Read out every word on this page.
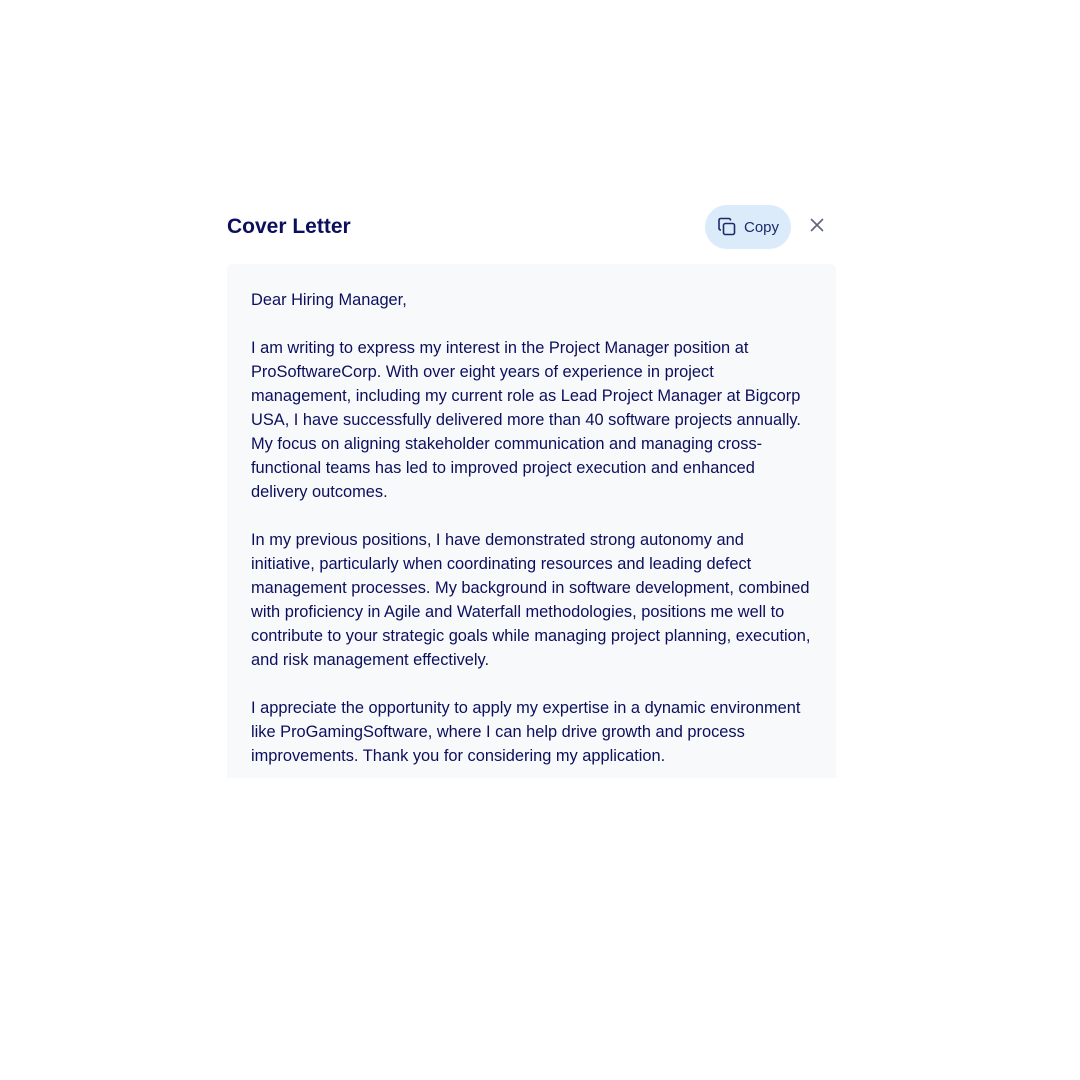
Cover Letter	Copy

Dear Hiring Manager,

I am writing to express my interest in the Project Manager position at ProSoftwareCorp. With over eight years of experience in project management, including my current role as Lead Project Manager at Bigcorp USA, I have successfully delivered more than 40 software projects annually. My focus on aligning stakeholder communication and managing cross-functional teams has led to improved project execution and enhanced delivery outcomes.

In my previous positions, I have demonstrated strong autonomy and initiative, particularly when coordinating resources and leading defect management processes. My background in software development, combined with proficiency in Agile and Waterfall methodologies, positions me well to contribute to your strategic goals while managing project planning, execution, and risk management effectively.

I appreciate the opportunity to apply my expertise in a dynamic environment like ProGamingSoftware, where I can help drive growth and process improvements. Thank you for considering my application.
